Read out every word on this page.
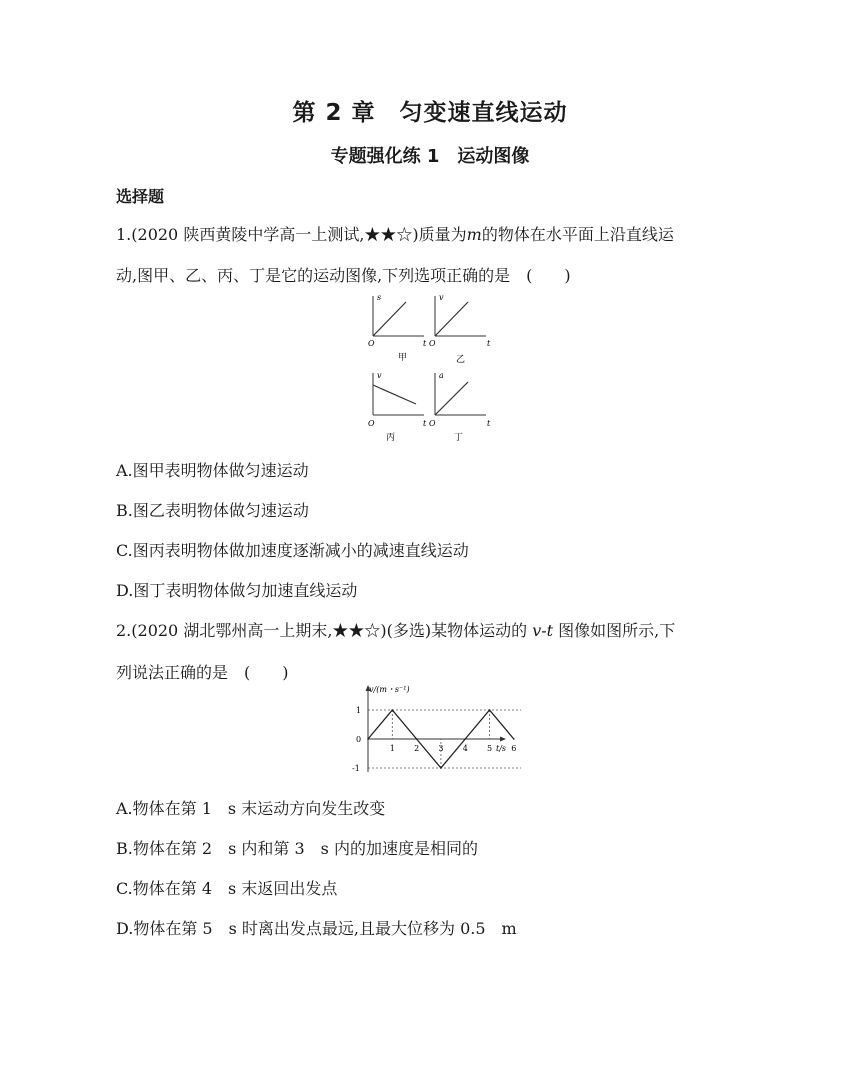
第 2 章　匀变速直线运动
专题强化练 1　运动图像
选择题
1.(2020 陕西黄陵中学高一上测试,★★☆)质量为m的物体在水平面上沿直线运
动,图甲、乙、丙、丁是它的运动图像,下列选项正确的是　(　　)
s
O	t
甲
v
O	t
乙
v
O	t
丙
a
O	t
丁
A.图甲表明物体做匀速运动
B.图乙表明物体做匀速运动
C.图丙表明物体做加速度逐渐减小的减速直线运动
D.图丁表明物体做匀加速直线运动
2.(2020 湖北鄂州高一上期末,★★☆)(多选)某物体运动的 v-t 图像如图所示,下
列说法正确的是　(　　)
v/(m・s⁻¹)
t/s
1 2 3 4 5 6
1
0
-1
A.物体在第 1　s 末运动方向发生改变
B.物体在第 2　s 内和第 3　s 内的加速度是相同的
C.物体在第 4　s 末返回出发点
D.物体在第 5　s 时离出发点最远,且最大位移为 0.5　m
